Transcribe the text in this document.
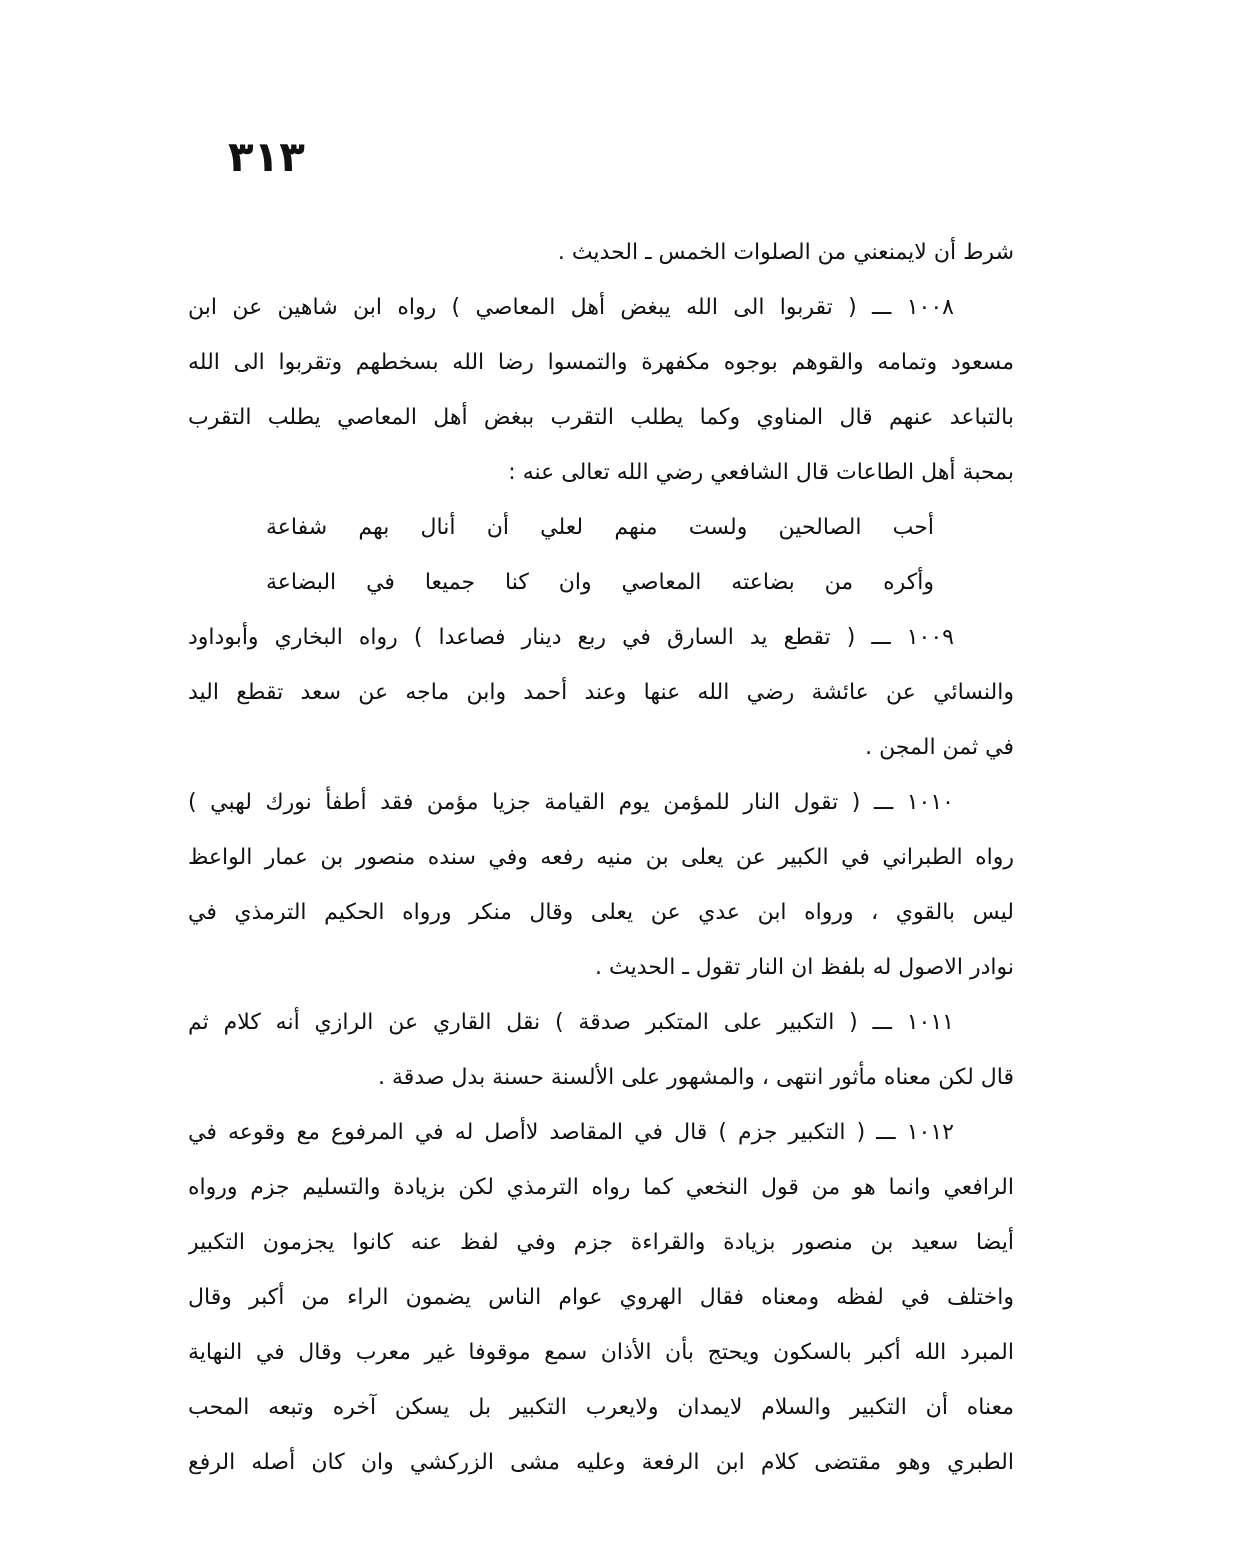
٣١٣
شرط أن لايمنعني من الصلوات الخمس ـ الحديث .
١٠٠٨ ـــ ( تقربوا الى الله يبغض أهل المعاصي ) رواه ابن شاهين عن ابن
مسعود وتمامه والقوهم بوجوه مكفهرة والتمسوا رضا الله بسخطهم وتقربوا الى الله
بالتباعد عنهم قال المناوي وكما يطلب التقرب ببغض أهل المعاصي يطلب التقرب
بمحبة أهل الطاعات قال الشافعي رضي الله تعالى عنه :
أحب الصالحين ولست منهم لعلي أن أنال بهم شفاعة
وأكره من بضاعته المعاصي وان كنا جميعا في البضاعة
١٠٠٩ ـــ ( تقطع يد السارق في ربع دينار فصاعدا ) رواه البخاري وأبوداود
والنسائي عن عائشة رضي الله عنها وعند أحمد وابن ماجه عن سعد تقطع اليد
في ثمن المجن .
١٠١٠ ـــ ( تقول النار للمؤمن يوم القيامة جزيا مؤمن فقد أطفأ نورك لهبي )
رواه الطبراني في الكبير عن يعلى بن منيه رفعه وفي سنده منصور بن عمار الواعظ
ليس بالقوي ، ورواه ابن عدي عن يعلى وقال منكر ورواه الحكيم الترمذي في
نوادر الاصول له بلفظ ان النار تقول ـ الحديث .
١٠١١ ـــ ( التكبير على المتكبر صدقة ) نقل القاري عن الرازي أنه كلام ثم
قال لكن معناه مأثور انتهى ، والمشهور على الألسنة حسنة بدل صدقة .
١٠١٢ ـــ ( التكبير جزم ) قال في المقاصد لاأصل له في المرفوع مع وقوعه في
الرافعي وانما هو من قول النخعي كما رواه الترمذي لكن بزيادة والتسليم جزم ورواه
أيضا سعيد بن منصور بزيادة والقراءة جزم وفي لفظ عنه كانوا يجزمون التكبير
واختلف في لفظه ومعناه فقال الهروي عوام الناس يضمون الراء من أكبر وقال
المبرد الله أكبر بالسكون ويحتج بأن الأذان سمع موقوفا غير معرب وقال في النهاية
معناه أن التكبير والسلام لايمدان ولايعرب التكبير بل يسكن آخره وتبعه المحب
الطبري وهو مقتضى كلام ابن الرفعة وعليه مشى الزركشي وان كان أصله الرفع
